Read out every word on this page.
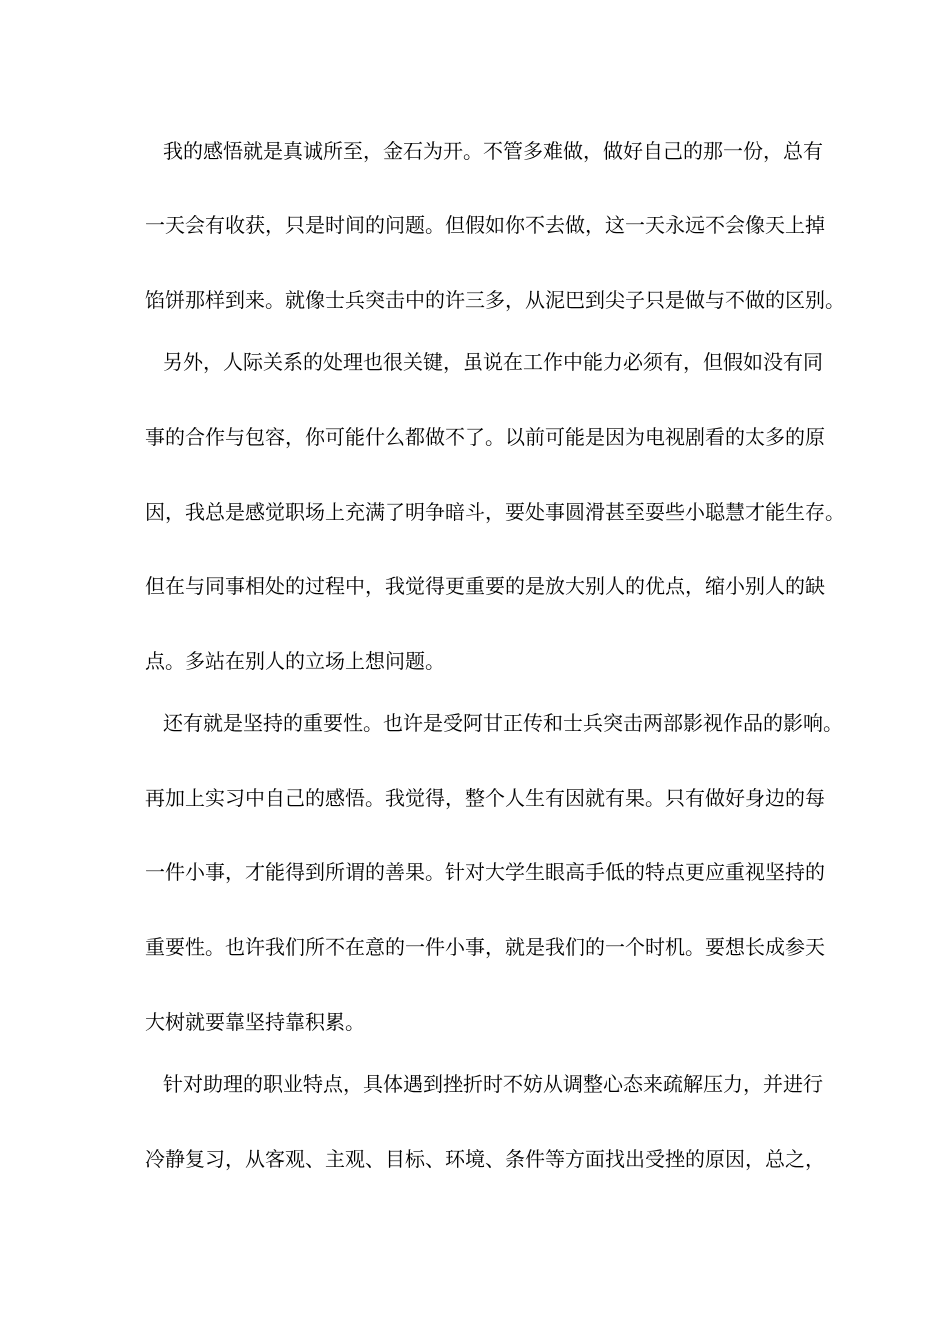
我的感悟就是真诚所至，金石为开。不管多难做，做好自己的那一份，总有
一天会有收获，只是时间的问题。但假如你不去做，这一天永远不会像天上掉
馅饼那样到来。就像士兵突击中的许三多，从泥巴到尖子只是做与不做的区别。
另外，人际关系的处理也很关键，虽说在工作中能力必须有，但假如没有同
事的合作与包容，你可能什么都做不了。以前可能是因为电视剧看的太多的原
因，我总是感觉职场上充满了明争暗斗，要处事圆滑甚至耍些小聪慧才能生存。
但在与同事相处的过程中，我觉得更重要的是放大别人的优点，缩小别人的缺
点。多站在别人的立场上想问题。
还有就是坚持的重要性。也许是受阿甘正传和士兵突击两部影视作品的影响。
再加上实习中自己的感悟。我觉得，整个人生有因就有果。只有做好身边的每
一件小事，才能得到所谓的善果。针对大学生眼高手低的特点更应重视坚持的
重要性。也许我们所不在意的一件小事，就是我们的一个时机。要想长成参天
大树就要靠坚持靠积累。
针对助理的职业特点，具体遇到挫折时不妨从调整心态来疏解压力，并进行
冷静复习，从客观、主观、目标、环境、条件等方面找出受挫的原因，总之，
